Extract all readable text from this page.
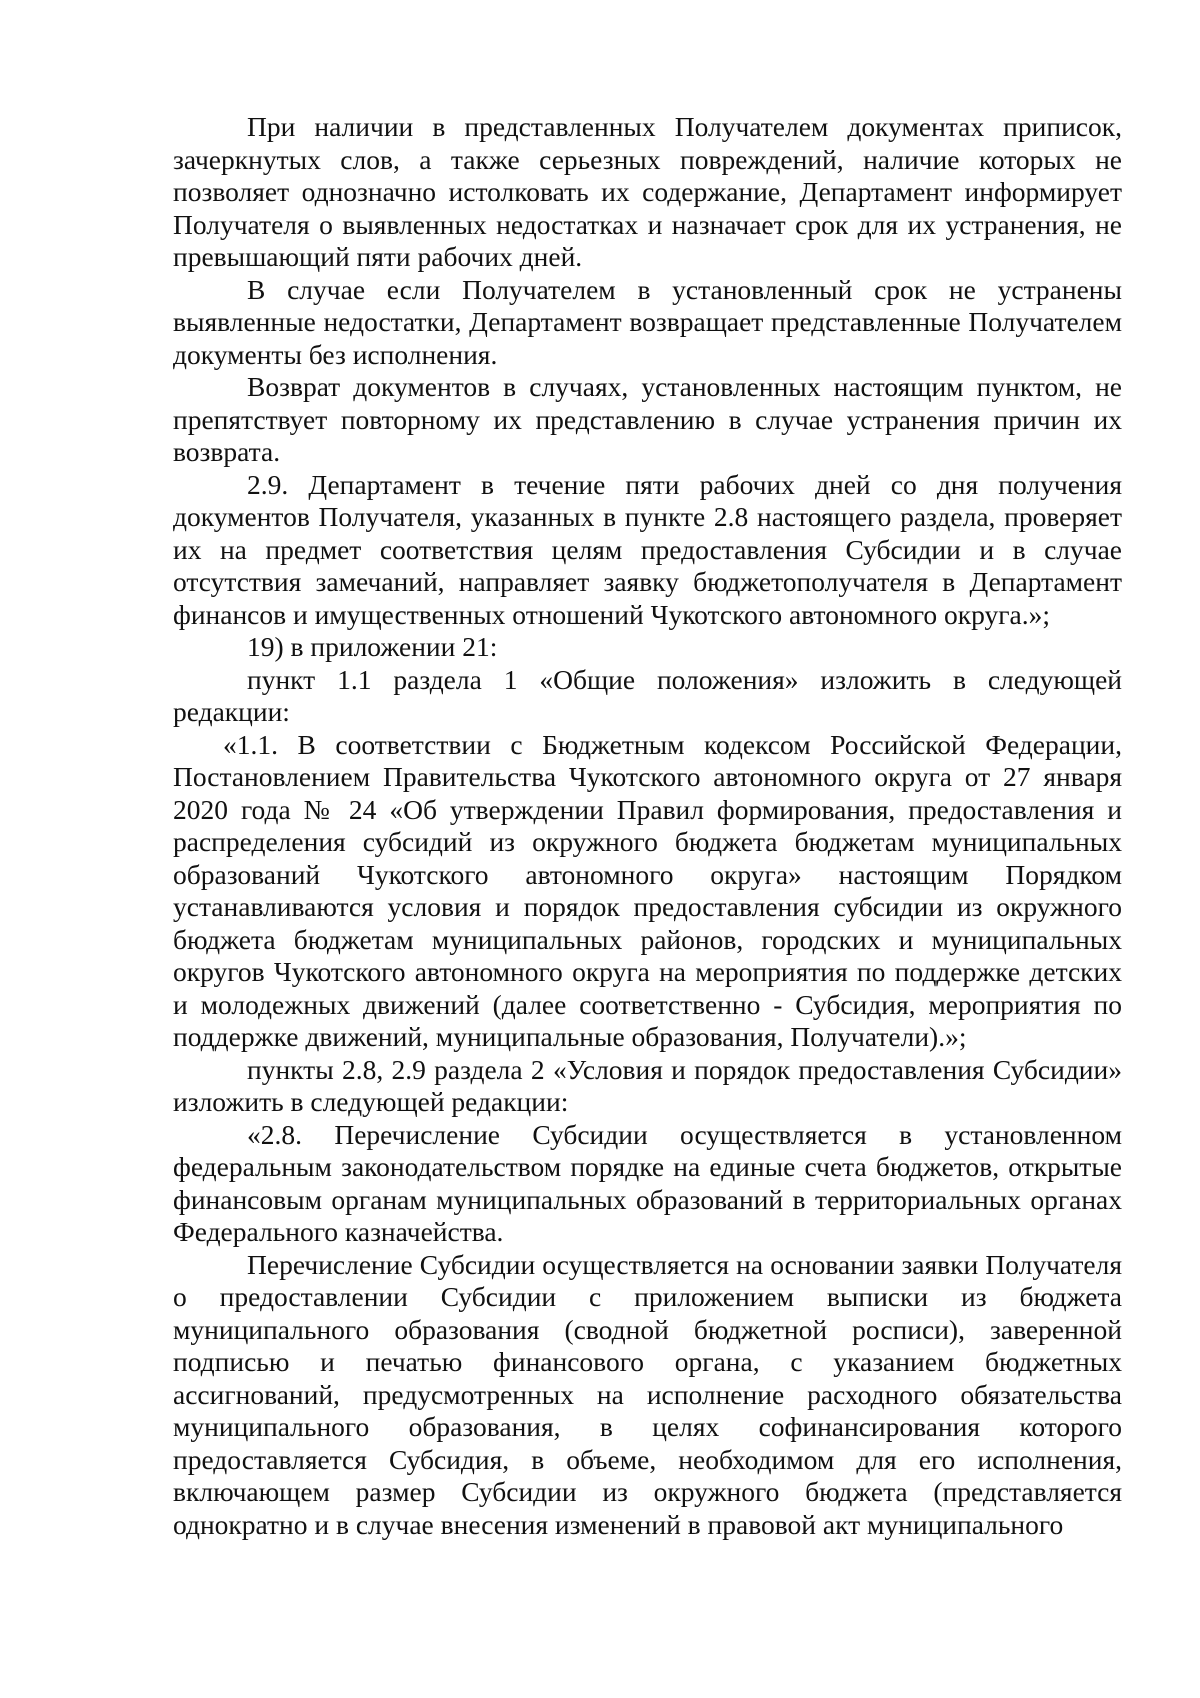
При наличии в представленных Получателем документах приписок, зачеркнутых слов, а также серьезных повреждений, наличие которых не позволяет однозначно истолковать их содержание, Департамент информирует Получателя о выявленных недостатках и назначает срок для их устранения, не превышающий пяти рабочих дней.

В случае если Получателем в установленный срок не устранены выявленные недостатки, Департамент возвращает представленные Получателем документы без исполнения.

Возврат документов в случаях, установленных настоящим пунктом, не препятствует повторному их представлению в случае устранения причин их возврата.

2.9. Департамент в течение пяти рабочих дней со дня получения документов Получателя, указанных в пункте 2.8 настоящего раздела, проверяет их на предмет соответствия целям предоставления Субсидии и в случае отсутствия замечаний, направляет заявку бюджетополучателя в Департамент финансов и имущественных отношений Чукотского автономного округа.»;

19) в приложении 21:

пункт 1.1 раздела 1 «Общие положения» изложить в следующей редакции:

«1.1. В соответствии с Бюджетным кодексом Российской Федерации, Постановлением Правительства Чукотского автономного округа от 27 января 2020 года № 24 «Об утверждении Правил формирования, предоставления и распределения субсидий из окружного бюджета бюджетам муниципальных образований Чукотского автономного округа» настоящим Порядком устанавливаются условия и порядок предоставления субсидии из окружного бюджета бюджетам муниципальных районов, городских и муниципальных округов Чукотского автономного округа на мероприятия по поддержке детских и молодежных движений (далее соответственно - Субсидия, мероприятия по поддержке движений, муниципальные образования, Получатели).»;

пункты 2.8, 2.9 раздела 2 «Условия и порядок предоставления Субсидии» изложить в следующей редакции:

«2.8. Перечисление Субсидии осуществляется в установленном федеральным законодательством порядке на единые счета бюджетов, открытые финансовым органам муниципальных образований в территориальных органах Федерального казначейства.

Перечисление Субсидии осуществляется на основании заявки Получателя о предоставлении Субсидии с приложением выписки из бюджета муниципального образования (сводной бюджетной росписи), заверенной подписью и печатью финансового органа, с указанием бюджетных ассигнований, предусмотренных на исполнение расходного обязательства муниципального образования, в целях софинансирования которого предоставляется Субсидия, в объеме, необходимом для его исполнения, включающем размер Субсидии из окружного бюджета (представляется однократно и в случае внесения изменений в правовой акт муниципального
